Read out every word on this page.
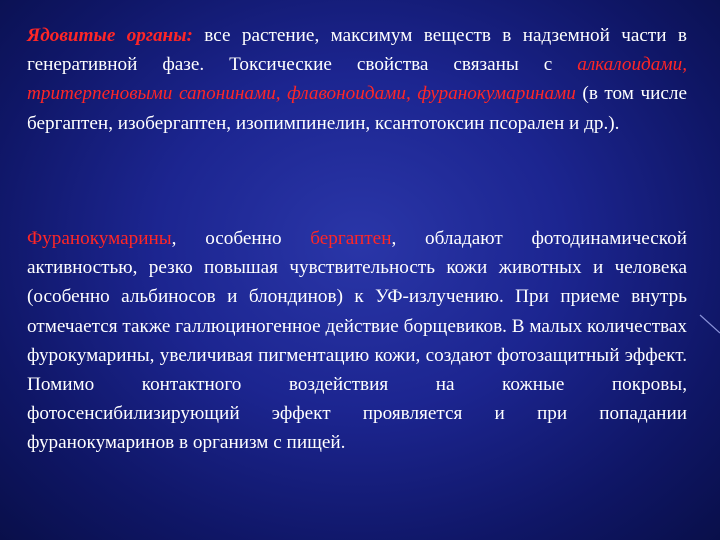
Ядовитые органы: все растение, максимум веществ в надземной части в генеративной фазе. Токсические свойства связаны с алкалоидами, тритерпеновыми сапонинами, флавоноидами, фуранокумаринами (в том числе бергаптен, изобергаптен, изопимпинелин, ксантотоксин псорален и др.).
Фуранокумарины, особенно бергаптен, обладают фотодинамической активностью, резко повышая чувствительность кожи животных и человека (особенно альбиносов и блондинов) к УФ-излучению. При приеме внутрь отмечается также галлюциногенное действие борщевиков. В малых количествах фурокумарины, увеличивая пигментацию кожи, создают фотозащитный эффект. Помимо контактного воздействия на кожные покровы, фотосенсибилизирующий эффект проявляется и при попадании фуранокумаринов в организм с пищей.
